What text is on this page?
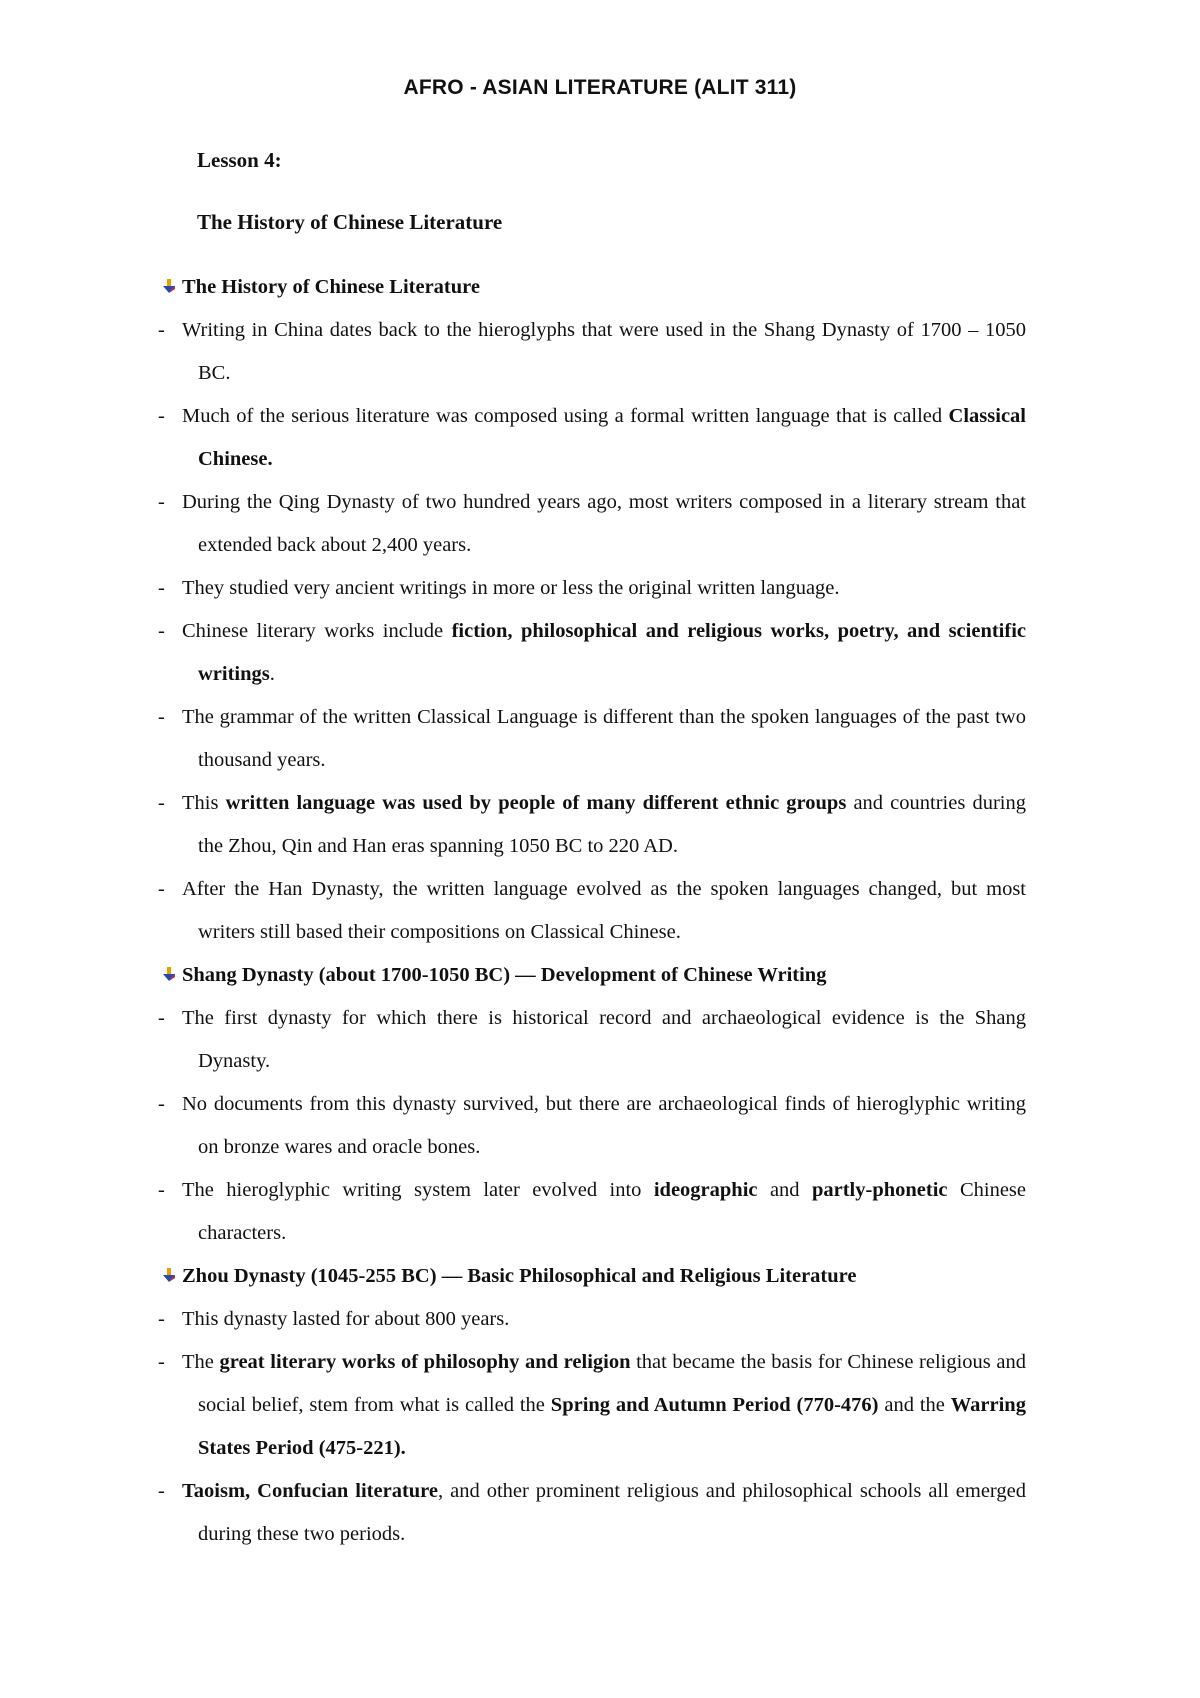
AFRO - ASIAN LITERATURE (ALIT 311)
Lesson 4:
The History of Chinese Literature
The History of Chinese Literature
- Writing in China dates back to the hieroglyphs that were used in the Shang Dynasty of 1700 – 1050 BC.
- Much of the serious literature was composed using a formal written language that is called Classical Chinese.
- During the Qing Dynasty of two hundred years ago, most writers composed in a literary stream that extended back about 2,400 years.
- They studied very ancient writings in more or less the original written language.
- Chinese literary works include fiction, philosophical and religious works, poetry, and scientific writings.
- The grammar of the written Classical Language is different than the spoken languages of the past two thousand years.
- This written language was used by people of many different ethnic groups and countries during the Zhou, Qin and Han eras spanning 1050 BC to 220 AD.
- After the Han Dynasty, the written language evolved as the spoken languages changed, but most writers still based their compositions on Classical Chinese.
Shang Dynasty (about 1700-1050 BC) — Development of Chinese Writing
- The first dynasty for which there is historical record and archaeological evidence is the Shang Dynasty.
- No documents from this dynasty survived, but there are archaeological finds of hieroglyphic writing on bronze wares and oracle bones.
- The hieroglyphic writing system later evolved into ideographic and partly-phonetic Chinese characters.
Zhou Dynasty (1045-255 BC) — Basic Philosophical and Religious Literature
- This dynasty lasted for about 800 years.
- The great literary works of philosophy and religion that became the basis for Chinese religious and social belief, stem from what is called the Spring and Autumn Period (770-476) and the Warring States Period (475-221).
- Taoism, Confucian literature, and other prominent religious and philosophical schools all emerged during these two periods.
